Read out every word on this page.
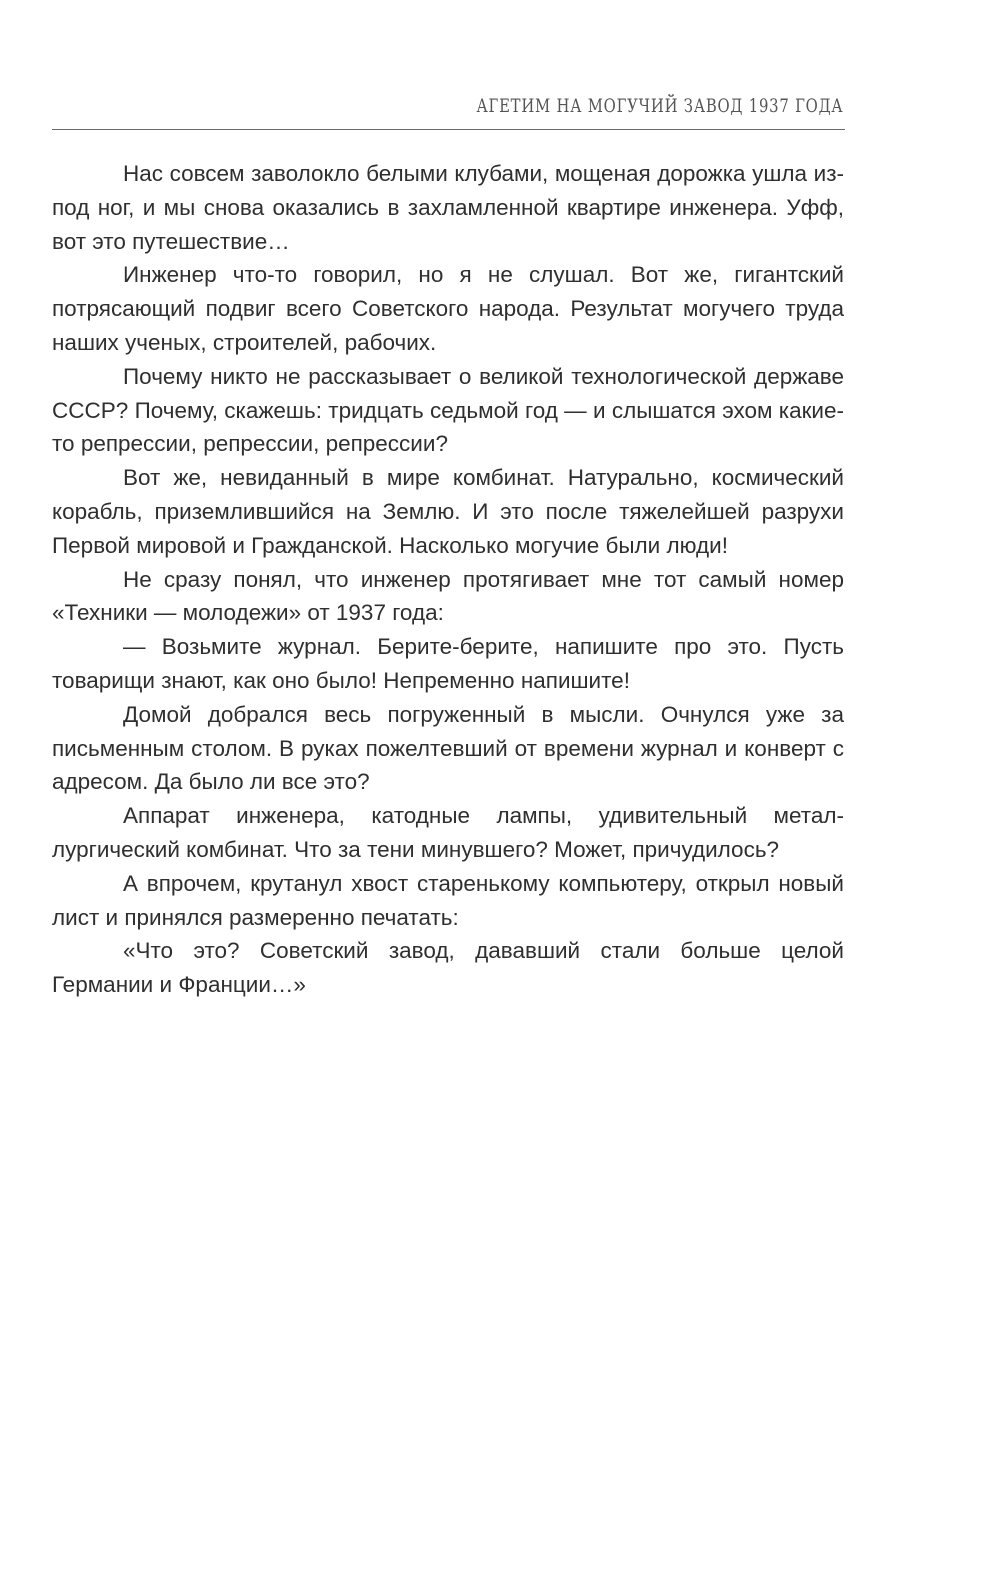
АГЕТИМ НА МОГУЧИЙ ЗАВОД 1937 ГОДА

Нас совсем заволокло белыми клубами, мощеная дорожка ушла из-под ног, и мы снова оказались в захламленной квартире инженера. Уфф, вот это путешествие…

Инженер что-то говорил, но я не слушал. Вот же, гигантский потрясающий подвиг всего Советского народа. Результат могучего труда наших ученых, строителей, рабочих.

Почему никто не рассказывает о великой технологической державе СССР? Почему, скажешь: тридцать седьмой год — и слышатся эхом какие-то репрессии, репрессии, репрессии?

Вот же, невиданный в мире комбинат. Натурально, космический корабль, приземлившийся на Землю. И это после тяжелейшей разрухи Первой мировой и Гражданской. Насколько могучие были люди!

Не сразу понял, что инженер протягивает мне тот самый номер «Техники — молодежи» от 1937 года:

— Возьмите журнал. Берите-берите, напишите про это. Пусть товарищи знают, как оно было! Непременно напишите!

Домой добрался весь погруженный в мысли. Очнулся уже за письменным столом. В руках пожелтевший от времени журнал и конверт с адресом. Да было ли все это?

Аппарат инженера, катодные лампы, удивительный металлургический комбинат. Что за тени минувшего? Может, причудилось?

А впрочем, крутанул хвост старенькому компьютеру, открыл новый лист и принялся размеренно печатать:

«Что это? Советский завод, дававший стали больше целой Германии и Франции…»
